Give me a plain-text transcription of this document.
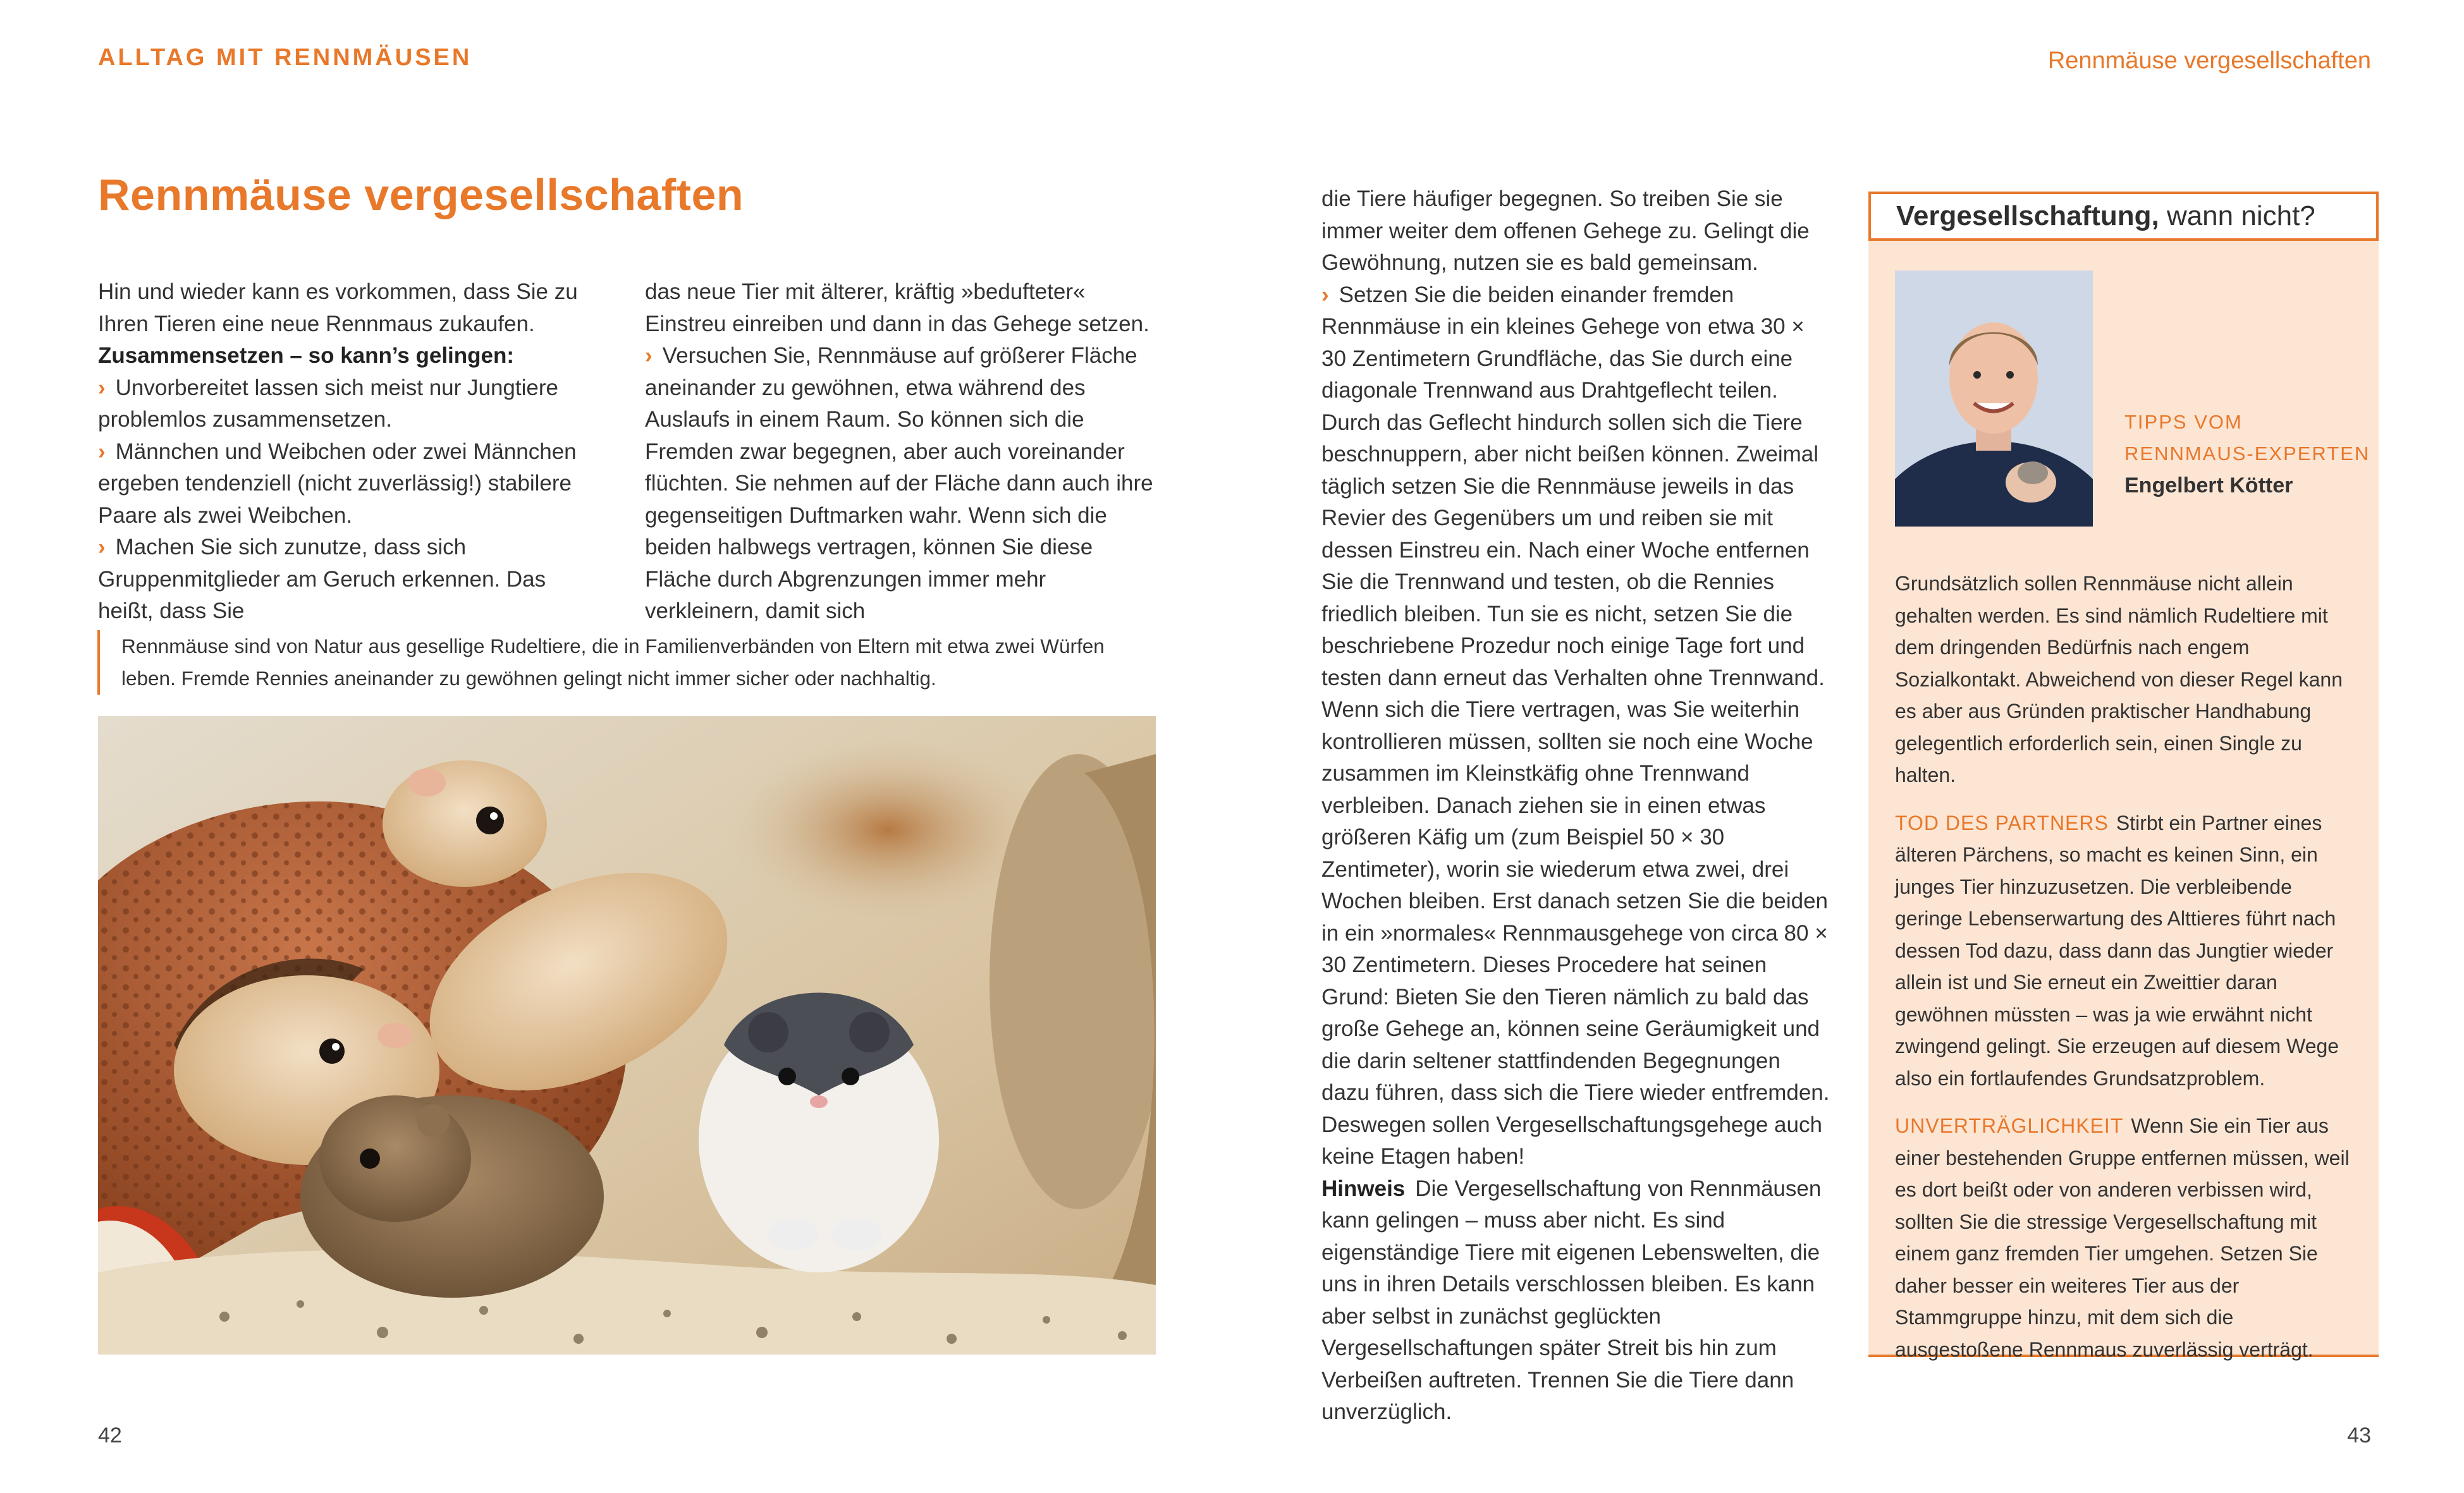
ALLTAG MIT RENNMÄUSEN	Rennmäuse vergesellschaften
Rennmäuse vergesellschaften

Hin und wieder kann es vorkommen, dass Sie zu Ihren Tieren eine neue Rennmaus zukaufen.

Zusammensetzen – so kann’s gelingen:

› Unvorbereitet lassen sich meist nur Jungtiere problemlos zusammensetzen.

› Männchen und Weibchen oder zwei Männchen ergeben tendenziell (nicht zuverlässig!) stabilere Paare als zwei Weibchen.

› Machen Sie sich zunutze, dass sich Gruppenmitglieder am Geruch erkennen. Das heißt, dass Sie

das neue Tier mit älterer, kräftig »bedufteter« Einstreu einreiben und dann in das Gehege setzen.

› Versuchen Sie, Rennmäuse auf größerer Fläche aneinander zu gewöhnen, etwa während des Auslaufs in einem Raum. So können sich die Fremden zwar begegnen, aber auch voreinander flüchten. Sie nehmen auf der Fläche dann auch ihre gegenseitigen Duftmarken wahr. Wenn sich die beiden halbwegs vertragen, können Sie diese Fläche durch Abgrenzungen immer mehr verkleinern, damit sich

Rennmäuse sind von Natur aus gesellige Rudeltiere, die in Familienverbänden von Eltern mit etwa zwei Würfen leben. Fremde Rennies aneinander zu gewöhnen gelingt nicht immer sicher oder nachhaltig.

die Tiere häufiger begegnen. So treiben Sie sie immer weiter dem offenen Gehege zu. Gelingt die Gewöhnung, nutzen sie es bald gemeinsam.

› Setzen Sie die beiden einander fremden Rennmäuse in ein kleines Gehege von etwa 30 × 30 Zentimetern Grundfläche, das Sie durch eine diagonale Trennwand aus Drahtgeflecht teilen. Durch das Geflecht hindurch sollen sich die Tiere beschnuppern, aber nicht beißen können. Zweimal täglich setzen Sie die Rennmäuse jeweils in das Revier des Gegenübers um und reiben sie mit dessen Einstreu ein. Nach einer Woche entfernen Sie die Trennwand und testen, ob die Rennies friedlich bleiben. Tun sie es nicht, setzen Sie die beschriebene Prozedur noch einige Tage fort und testen dann erneut das Verhalten ohne Trennwand. Wenn sich die Tiere vertragen, was Sie weiterhin kontrollieren müssen, sollten sie noch eine Woche zusammen im Kleinstkäfig ohne Trennwand verbleiben. Danach ziehen sie in einen etwas größeren Käfig um (zum Beispiel 50 × 30 Zentimeter), worin sie wiederum etwa zwei, drei Wochen bleiben. Erst danach setzen Sie die beiden in ein »normales« Rennmausgehege von circa 80 × 30 Zentimetern. Dieses Procedere hat seinen Grund: Bieten Sie den Tieren nämlich zu bald das große Gehege an, können seine Geräumigkeit und die darin seltener stattfindenden Begegnungen dazu führen, dass sich die Tiere wieder entfremden. Deswegen sollen Vergesellschaftungsgehege auch keine Etagen haben!

Hinweis Die Vergesellschaftung von Rennmäusen kann gelingen – muss aber nicht. Es sind eigenständige Tiere mit eigenen Lebenswelten, die uns in ihren Details verschlossen bleiben. Es kann aber selbst in zunächst geglückten Vergesellschaftungen später Streit bis hin zum Verbeißen auftreten. Trennen Sie die Tiere dann unverzüglich.

Vergesellschaftung, wann nicht?
TIPPS VOM
RENNMAUS-EXPERTEN
Engelbert Kötter

Grundsätzlich sollen Rennmäuse nicht allein gehalten werden. Es sind nämlich Rudeltiere mit dem dringenden Bedürfnis nach engem Sozialkontakt. Abweichend von dieser Regel kann es aber aus Gründen praktischer Handhabung gelegentlich erforderlich sein, einen Single zu halten.

TOD DES PARTNERS Stirbt ein Partner eines älteren Pärchens, so macht es keinen Sinn, ein junges Tier hinzuzusetzen. Die verbleibende geringe Lebenserwartung des Alttieres führt nach dessen Tod dazu, dass dann das Jungtier wieder allein ist und Sie erneut ein Zweittier daran gewöhnen müssten – was ja wie erwähnt nicht zwingend gelingt. Sie erzeugen auf diesem Wege also ein fortlaufendes Grundsatzproblem.

UNVERTRÄGLICHKEIT Wenn Sie ein Tier aus einer bestehenden Gruppe entfernen müssen, weil es dort beißt oder von anderen verbissen wird, sollten Sie die stressige Vergesellschaftung mit einem ganz fremden Tier umgehen. Setzen Sie daher besser ein weiteres Tier aus der Stammgruppe hinzu, mit dem sich die ausgestoßene Rennmaus zuverlässig verträgt.

42	43
